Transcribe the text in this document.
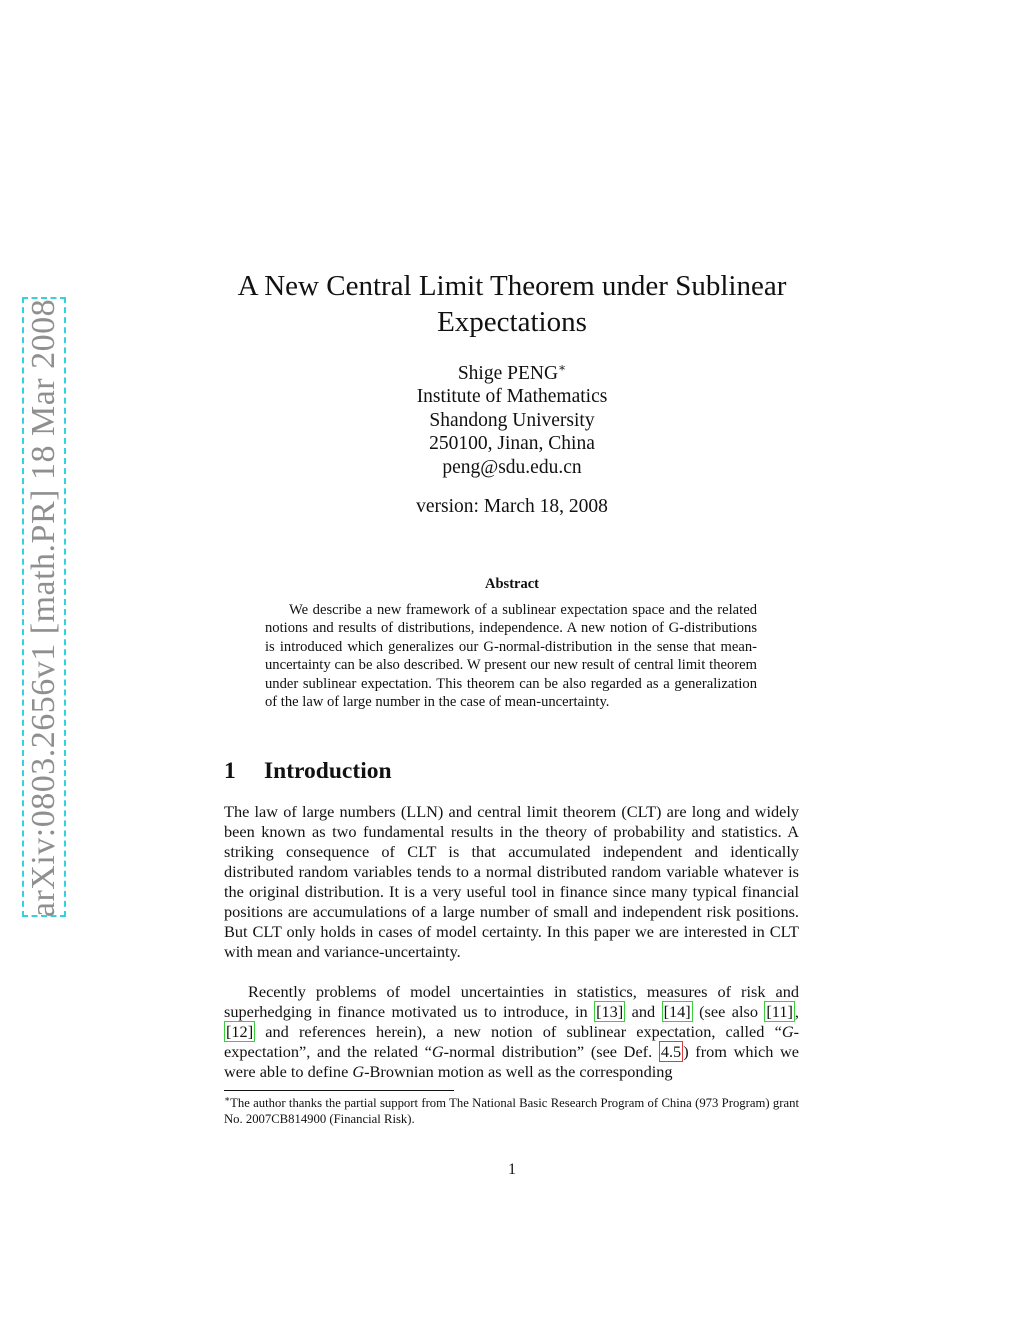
arXiv:0803.2656v1 [math.PR] 18 Mar 2008
A New Central Limit Theorem under Sublinear Expectations
Shige PENG∗
Institute of Mathematics
Shandong University
250100, Jinan, China
peng@sdu.edu.cn
version: March 18, 2008
Abstract

We describe a new framework of a sublinear expectation space and the related notions and results of distributions, independence. A new notion of G-distributions is introduced which generalizes our G-normal-distribution in the sense that mean-uncertainty can be also described. W present our new result of central limit theorem under sublinear expectation. This theorem can be also regarded as a generalization of the law of large number in the case of mean-uncertainty.

1 Introduction

The law of large numbers (LLN) and central limit theorem (CLT) are long and widely been known as two fundamental results in the theory of probability and statistics. A striking consequence of CLT is that accumulated independent and identically distributed random variables tends to a normal distributed random variable whatever is the original distribution. It is a very useful tool in finance since many typical financial positions are accumulations of a large number of small and independent risk positions. But CLT only holds in cases of model certainty. In this paper we are interested in CLT with mean and variance-uncertainty.

Recently problems of model uncertainties in statistics, measures of risk and superhedging in finance motivated us to introduce, in [13] and [14] (see also [11] , [12] and references herein), a new notion of sublinear expectation, called “G-expectation”, and the related “G-normal distribution” (see Def. 4.5 ) from which we were able to define G-Brownian motion as well as the corresponding

∗The author thanks the partial support from The National Basic Research Program of China (973 Program) grant No. 2007CB814900 (Financial Risk).

1
